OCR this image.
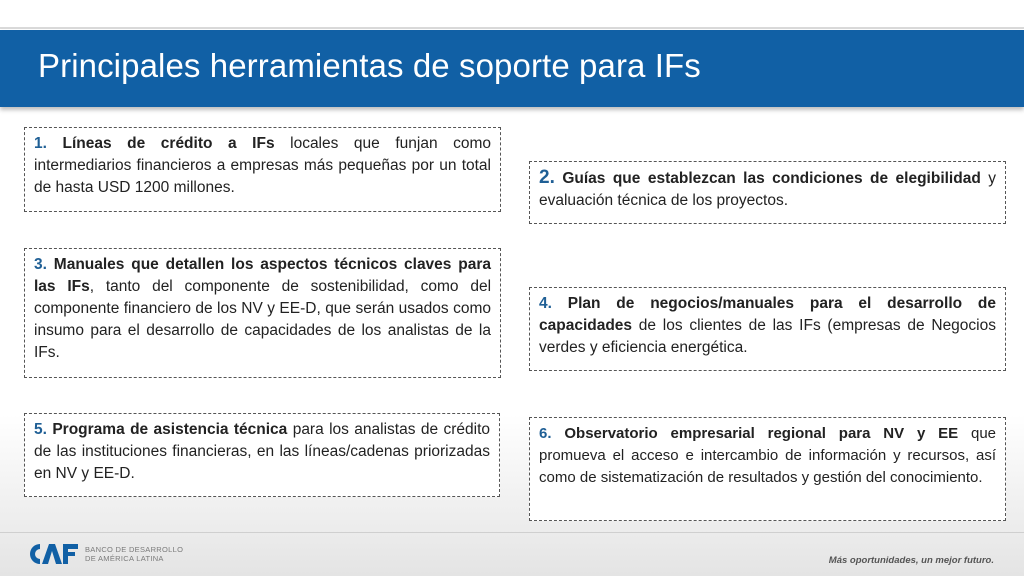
Principales herramientas de soporte para IFs
1. Líneas de crédito a IFs locales que funjan como intermediarios financieros a empresas más pequeñas por un total de hasta USD 1200 millones.	2. Guías que establezcan las condiciones de elegibilidad y evaluación técnica de los proyectos.
3. Manuales que detallen los aspectos técnicos claves para las IFs, tanto del componente de sostenibilidad, como del componente financiero de los NV y EE-D, que serán usados como insumo para el desarrollo de capacidades de los analistas de la IFs.
4. Plan de negocios/manuales para el desarrollo de capacidades de los clientes de las IFs (empresas de Negocios verdes y eficiencia energética.
5. Programa de asistencia técnica para los analistas de crédito de las instituciones financieras, en las líneas/cadenas priorizadas en NV y EE-D.
6. Observatorio empresarial regional para NV y EE que promueva el acceso e intercambio de información y recursos, así como de sistematización de resultados y gestión del conocimiento.
BANCO DE DESARROLLO
DE AMÉRICA LATINA	Más oportunidades, un mejor futuro.
